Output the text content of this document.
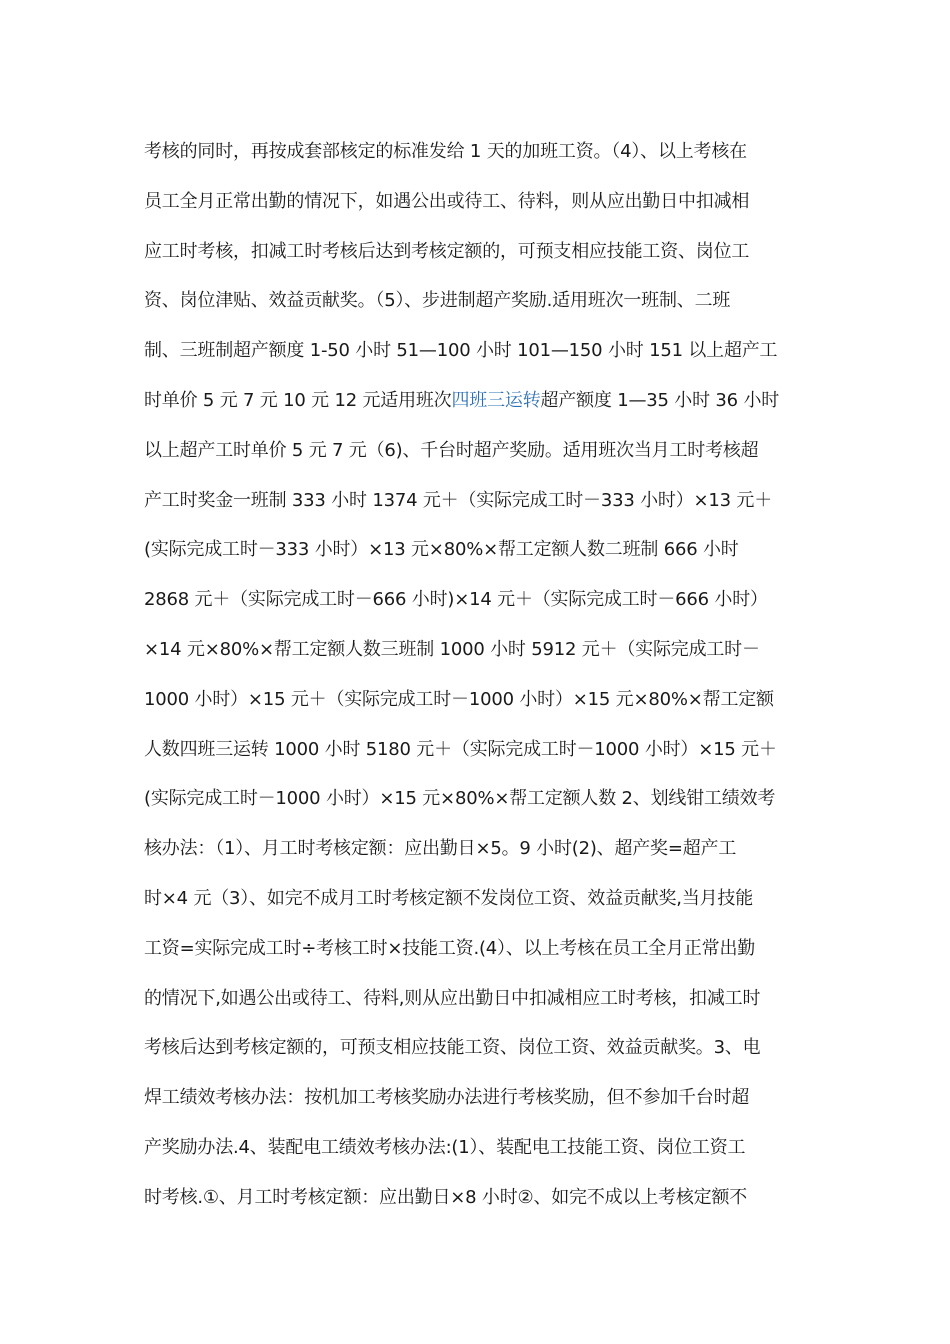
考核的同时，再按成套部核定的标准发给 1 天的加班工资。（4）、以上考核在
员工全月正常出勤的情况下，如遇公出或待工、待料，则从应出勤日中扣减相
应工时考核，扣减工时考核后达到考核定额的，可预支相应技能工资、岗位工
资、岗位津贴、效益贡献奖。（5）、步进制超产奖励.适用班次一班制、二班
制、三班制超产额度 1-50 小时 51—100 小时 101—150 小时 151 以上超产工
时单价 5 元 7 元 10 元 12 元适用班次四班三运转超产额度 1—35 小时 36 小时
以上超产工时单价 5 元 7 元（6)、千台时超产奖励。适用班次当月工时考核超
产工时奖金一班制 333 小时 1374 元＋（实际完成工时－333 小时）×13 元＋
(实际完成工时－333 小时）×13 元×80%×帮工定额人数二班制 666 小时
2868 元＋（实际完成工时－666 小时)×14 元＋（实际完成工时－666 小时）
×14 元×80%×帮工定额人数三班制 1000 小时 5912 元＋（实际完成工时－
1000 小时）×15 元＋（实际完成工时－1000 小时）×15 元×80%×帮工定额
人数四班三运转 1000 小时 5180 元＋（实际完成工时－1000 小时）×15 元＋
(实际完成工时－1000 小时）×15 元×80%×帮工定额人数 2、划线钳工绩效考
核办法：（1）、月工时考核定额：应出勤日×5。9 小时(2)、超产奖=超产工
时×4 元（3）、如完不成月工时考核定额不发岗位工资、效益贡献奖,当月技能
工资=实际完成工时÷考核工时×技能工资.(4）、以上考核在员工全月正常出勤
的情况下,如遇公出或待工、待料,则从应出勤日中扣减相应工时考核，扣减工时
考核后达到考核定额的，可预支相应技能工资、岗位工资、效益贡献奖。3、电
焊工绩效考核办法：按机加工考核奖励办法进行考核奖励，但不参加千台时超
产奖励办法.4、装配电工绩效考核办法:(1）、装配电工技能工资、岗位工资工
时考核.①、月工时考核定额：应出勤日×8 小时②、如完不成以上考核定额不
